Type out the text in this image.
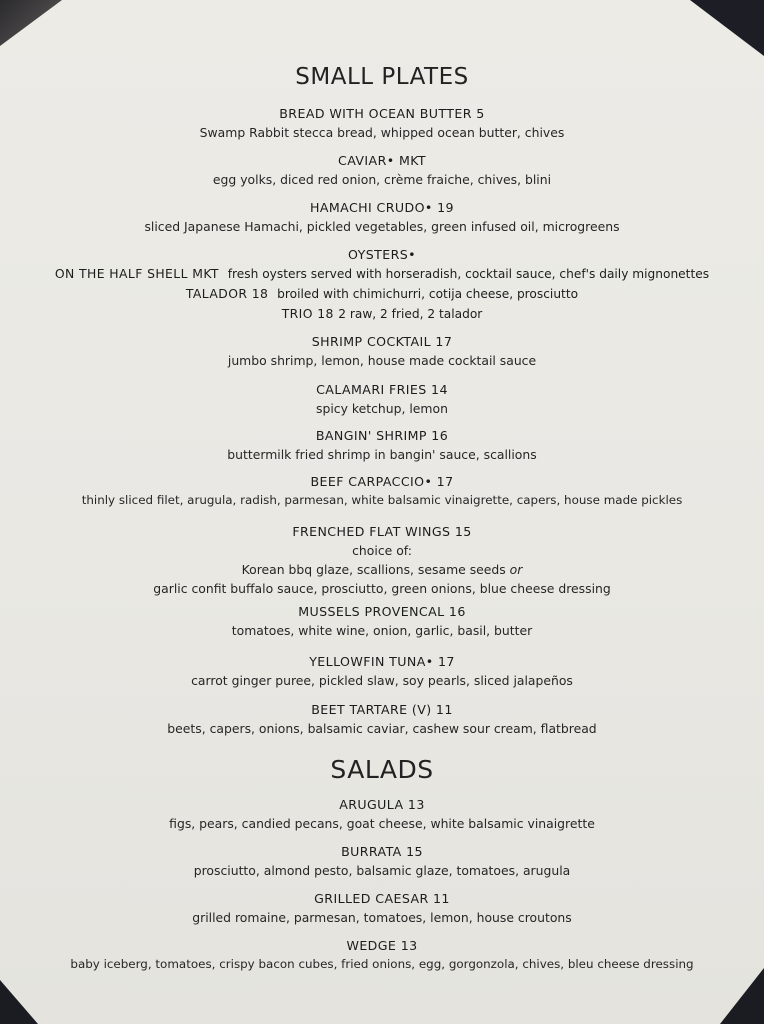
SMALL PLATES
BREAD WITH OCEAN BUTTER 5
Swamp Rabbit stecca bread, whipped ocean butter, chives
CAVIAR• MKT
egg yolks, diced red onion, crème fraiche, chives, blini
HAMACHI CRUDO• 19
sliced Japanese Hamachi, pickled vegetables, green infused oil, microgreens
OYSTERS•
ON THE HALF SHELL MKT fresh oysters served with horseradish, cocktail sauce, chef's daily mignonettes
TALADOR 18 broiled with chimichurri, cotija cheese, prosciutto
TRIO 18 2 raw, 2 fried, 2 talador
SHRIMP COCKTAIL 17
jumbo shrimp, lemon, house made cocktail sauce
CALAMARI FRIES 14
spicy ketchup, lemon
BANGIN' SHRIMP 16
buttermilk fried shrimp in bangin' sauce, scallions
BEEF CARPACCIO• 17
thinly sliced filet, arugula, radish, parmesan, white balsamic vinaigrette, capers, house made pickles
FRENCHED FLAT WINGS 15
choice of:
Korean bbq glaze, scallions, sesame seeds or
garlic confit buffalo sauce, prosciutto, green onions, blue cheese dressing
MUSSELS PROVENCAL 16
tomatoes, white wine, onion, garlic, basil, butter
YELLOWFIN TUNA• 17
carrot ginger puree, pickled slaw, soy pearls, sliced jalapeños
BEET TARTARE (V) 11
beets, capers, onions, balsamic caviar, cashew sour cream, flatbread
SALADS
ARUGULA 13
figs, pears, candied pecans, goat cheese, white balsamic vinaigrette
BURRATA 15
prosciutto, almond pesto, balsamic glaze, tomatoes, arugula
GRILLED CAESAR 11
grilled romaine, parmesan, tomatoes, lemon, house croutons
WEDGE 13
baby iceberg, tomatoes, crispy bacon cubes, fried onions, egg, gorgonzola, chives, bleu cheese dressing
